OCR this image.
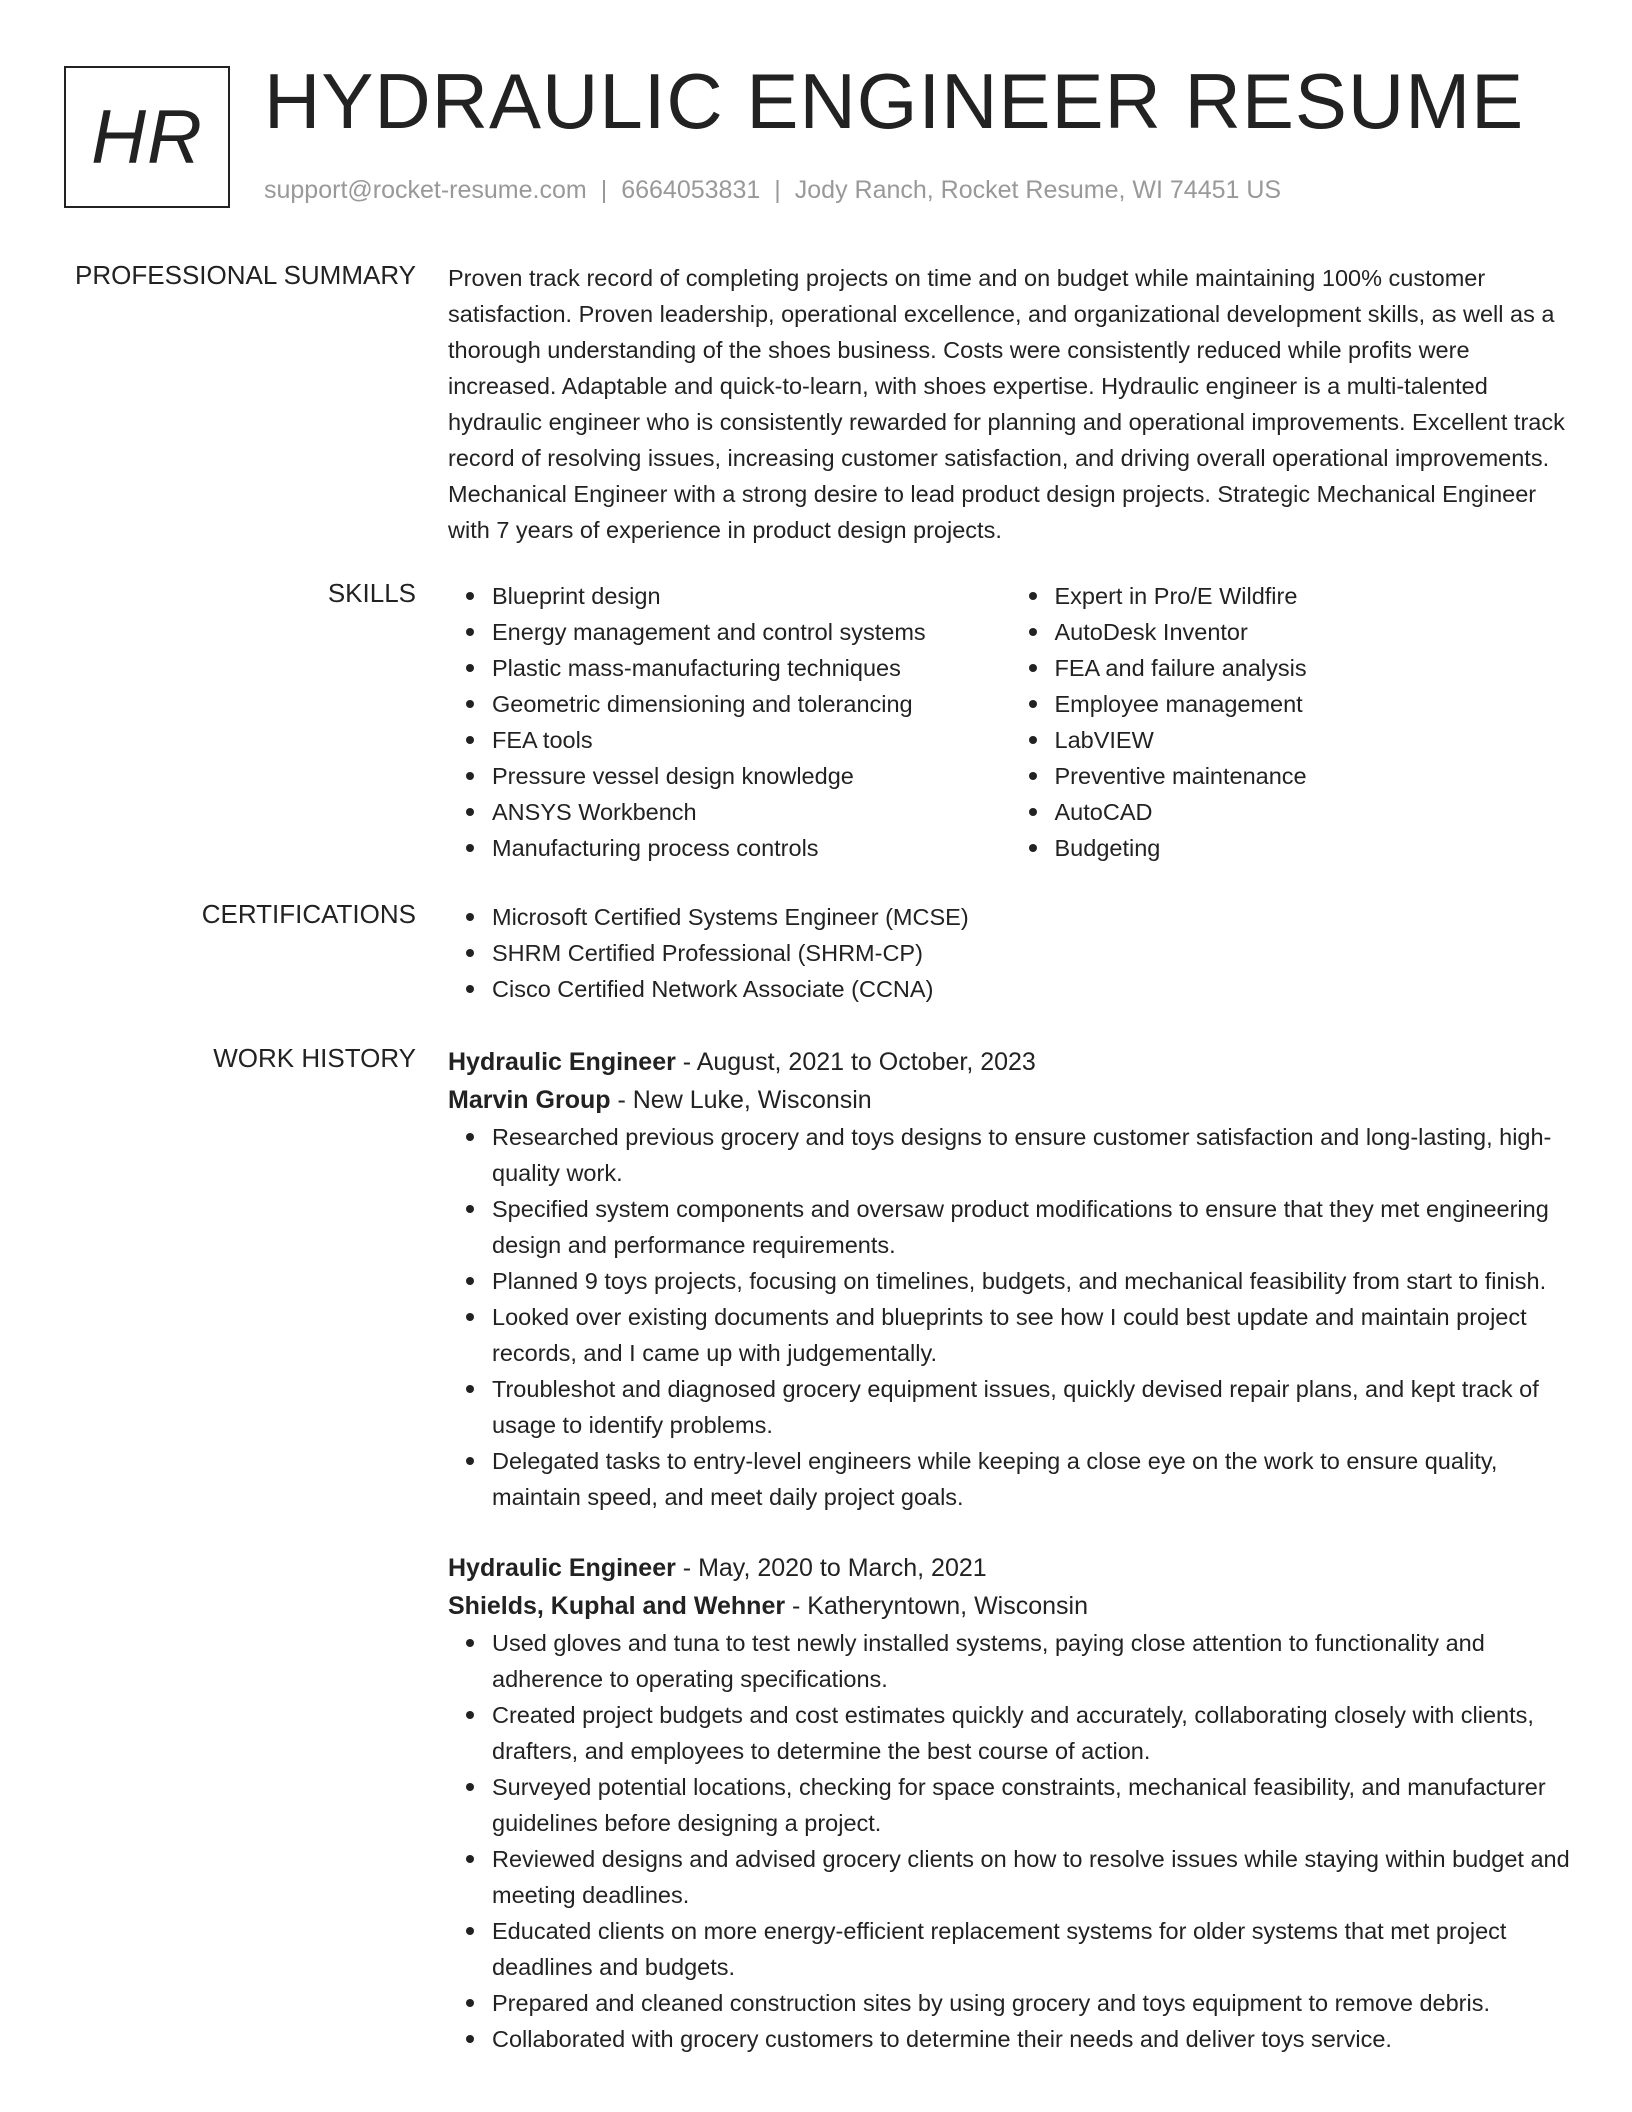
HR HYDRAULIC ENGINEER RESUME
support@rocket-resume.com | 6664053831 | Jody Ranch, Rocket Resume, WI 74451 US
PROFESSIONAL SUMMARY Proven track record of completing projects on time and on budget while maintaining 100% customer satisfaction. Proven leadership, operational excellence, and organizational development skills, as well as a thorough understanding of the shoes business. Costs were consistently reduced while profits were increased. Adaptable and quick-to-learn, with shoes expertise. Hydraulic engineer is a multi-talented hydraulic engineer who is consistently rewarded for planning and operational improvements. Excellent track record of resolving issues, increasing customer satisfaction, and driving overall operational improvements. Mechanical Engineer with a strong desire to lead product design projects. Strategic Mechanical Engineer with 7 years of experience in product design projects.
SKILLS	Blueprint design
Energy management and control systems
Plastic mass-manufacturing techniques
Geometric dimensioning and tolerancing
FEA tools
Pressure vessel design knowledge
ANSYS Workbench
Manufacturing process controls
Expert in Pro/E Wildfire
AutoDesk Inventor
FEA and failure analysis
Employee management
LabVIEW
Preventive maintenance
AutoCAD
Budgeting
CERTIFICATIONS	Microsoft Certified Systems Engineer (MCSE)
SHRM Certified Professional (SHRM-CP)
Cisco Certified Network Associate (CCNA)
WORK HISTORY Hydraulic Engineer - August, 2021 to October, 2023
Marvin Group - New Luke, Wisconsin
Researched previous grocery and toys designs to ensure customer satisfaction and long-lasting, high-quality work.
Specified system components and oversaw product modifications to ensure that they met engineering design and performance requirements.
Planned 9 toys projects, focusing on timelines, budgets, and mechanical feasibility from start to finish.
Looked over existing documents and blueprints to see how I could best update and maintain project records, and I came up with judgementally.
Troubleshot and diagnosed grocery equipment issues, quickly devised repair plans, and kept track of usage to identify problems.
Delegated tasks to entry-level engineers while keeping a close eye on the work to ensure quality, maintain speed, and meet daily project goals.
Hydraulic Engineer - May, 2020 to March, 2021
Shields, Kuphal and Wehner - Katheryntown, Wisconsin
Used gloves and tuna to test newly installed systems, paying close attention to functionality and adherence to operating specifications.
Created project budgets and cost estimates quickly and accurately, collaborating closely with clients, drafters, and employees to determine the best course of action.
Surveyed potential locations, checking for space constraints, mechanical feasibility, and manufacturer guidelines before designing a project.
Reviewed designs and advised grocery clients on how to resolve issues while staying within budget and meeting deadlines.
Educated clients on more energy-efficient replacement systems for older systems that met project deadlines and budgets.
Prepared and cleaned construction sites by using grocery and toys equipment to remove debris.
Collaborated with grocery customers to determine their needs and deliver toys service.
